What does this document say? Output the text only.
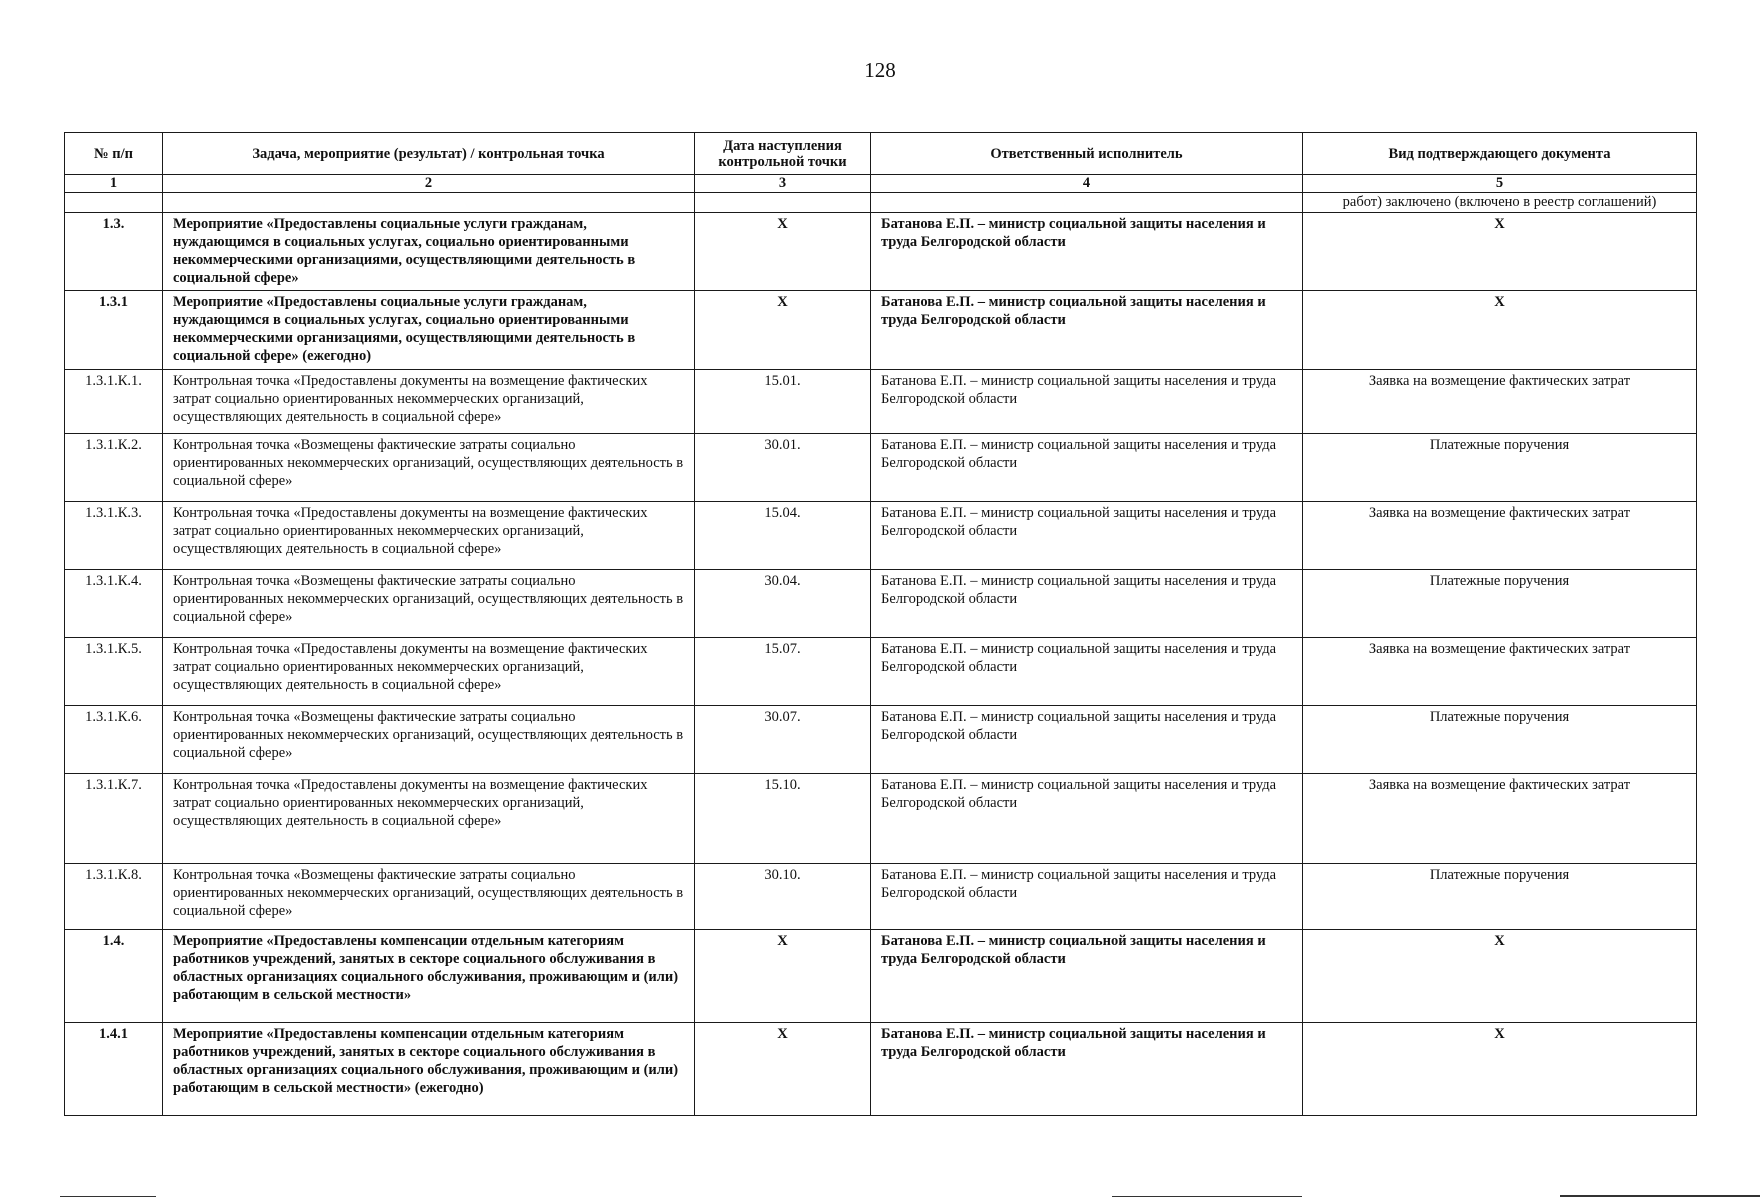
128
№ п/п	Задача, мероприятие (результат) / контрольная точка	Дата наступления контрольной точки	Ответственный исполнитель	Вид подтверждающего документа
1	2	3	4	5
				работ) заключено (включено в реестр соглашений)
1.3.	Мероприятие «Предоставлены социальные услуги гражданам, нуждающимся в социальных услугах, социально ориентированными некоммерческими организациями, осуществляющими деятельность в социальной сфере»	X	Батанова Е.П. – министр социальной защиты населения и труда Белгородской области	X
1.3.1	Мероприятие «Предоставлены социальные услуги гражданам, нуждающимся в социальных услугах, социально ориентированными некоммерческими организациями, осуществляющими деятельность в социальной сфере» (ежегодно)	X	Батанова Е.П. – министр социальной защиты населения и труда Белгородской области	X
1.3.1.К.1.	Контрольная точка «Предоставлены документы на возмещение фактических затрат социально ориентированных некоммерческих организаций, осуществляющих деятельность в социальной сфере»	15.01.	Батанова Е.П. – министр социальной защиты населения и труда Белгородской области	Заявка на возмещение фактических затрат
1.3.1.К.2.	Контрольная точка «Возмещены фактические затраты социально ориентированных некоммерческих организаций, осуществляющих деятельность в социальной сфере»	30.01.	Батанова Е.П. – министр социальной защиты населения и труда Белгородской области	Платежные поручения
1.3.1.К.3.	Контрольная точка «Предоставлены документы на возмещение фактических затрат социально ориентированных некоммерческих организаций, осуществляющих деятельность в социальной сфере»	15.04.	Батанова Е.П. – министр социальной защиты населения и труда Белгородской области	Заявка на возмещение фактических затрат
1.3.1.К.4.	Контрольная точка «Возмещены фактические затраты социально ориентированных некоммерческих организаций, осуществляющих деятельность в социальной сфере»	30.04.	Батанова Е.П. – министр социальной защиты населения и труда Белгородской области	Платежные поручения
1.3.1.К.5.	Контрольная точка «Предоставлены документы на возмещение фактических затрат социально ориентированных некоммерческих организаций, осуществляющих деятельность в социальной сфере»	15.07.	Батанова Е.П. – министр социальной защиты населения и труда Белгородской области	Заявка на возмещение фактических затрат
1.3.1.К.6.	Контрольная точка «Возмещены фактические затраты социально ориентированных некоммерческих организаций, осуществляющих деятельность в социальной сфере»	30.07.	Батанова Е.П. – министр социальной защиты населения и труда Белгородской области	Платежные поручения
1.3.1.К.7.	Контрольная точка «Предоставлены документы на возмещение фактических затрат социально ориентированных некоммерческих организаций, осуществляющих деятельность в социальной сфере»	15.10.	Батанова Е.П. – министр социальной защиты населения и труда Белгородской области	Заявка на возмещение фактических затрат
1.3.1.К.8.	Контрольная точка «Возмещены фактические затраты социально ориентированных некоммерческих организаций, осуществляющих деятельность в социальной сфере»	30.10.	Батанова Е.П. – министр социальной защиты населения и труда Белгородской области	Платежные поручения
1.4.	Мероприятие «Предоставлены компенсации отдельным категориям работников учреждений, занятых в секторе социального обслуживания в областных организациях социального обслуживания, проживающим и (или) работающим в сельской местности»	X	Батанова Е.П. – министр социальной защиты населения и труда Белгородской области	X
1.4.1	Мероприятие «Предоставлены компенсации отдельным категориям работников учреждений, занятых в секторе социального обслуживания в областных организациях социального обслуживания, проживающим и (или) работающим в сельской местности» (ежегодно)	X	Батанова Е.П. – министр социальной защиты населения и труда Белгородской области	X
